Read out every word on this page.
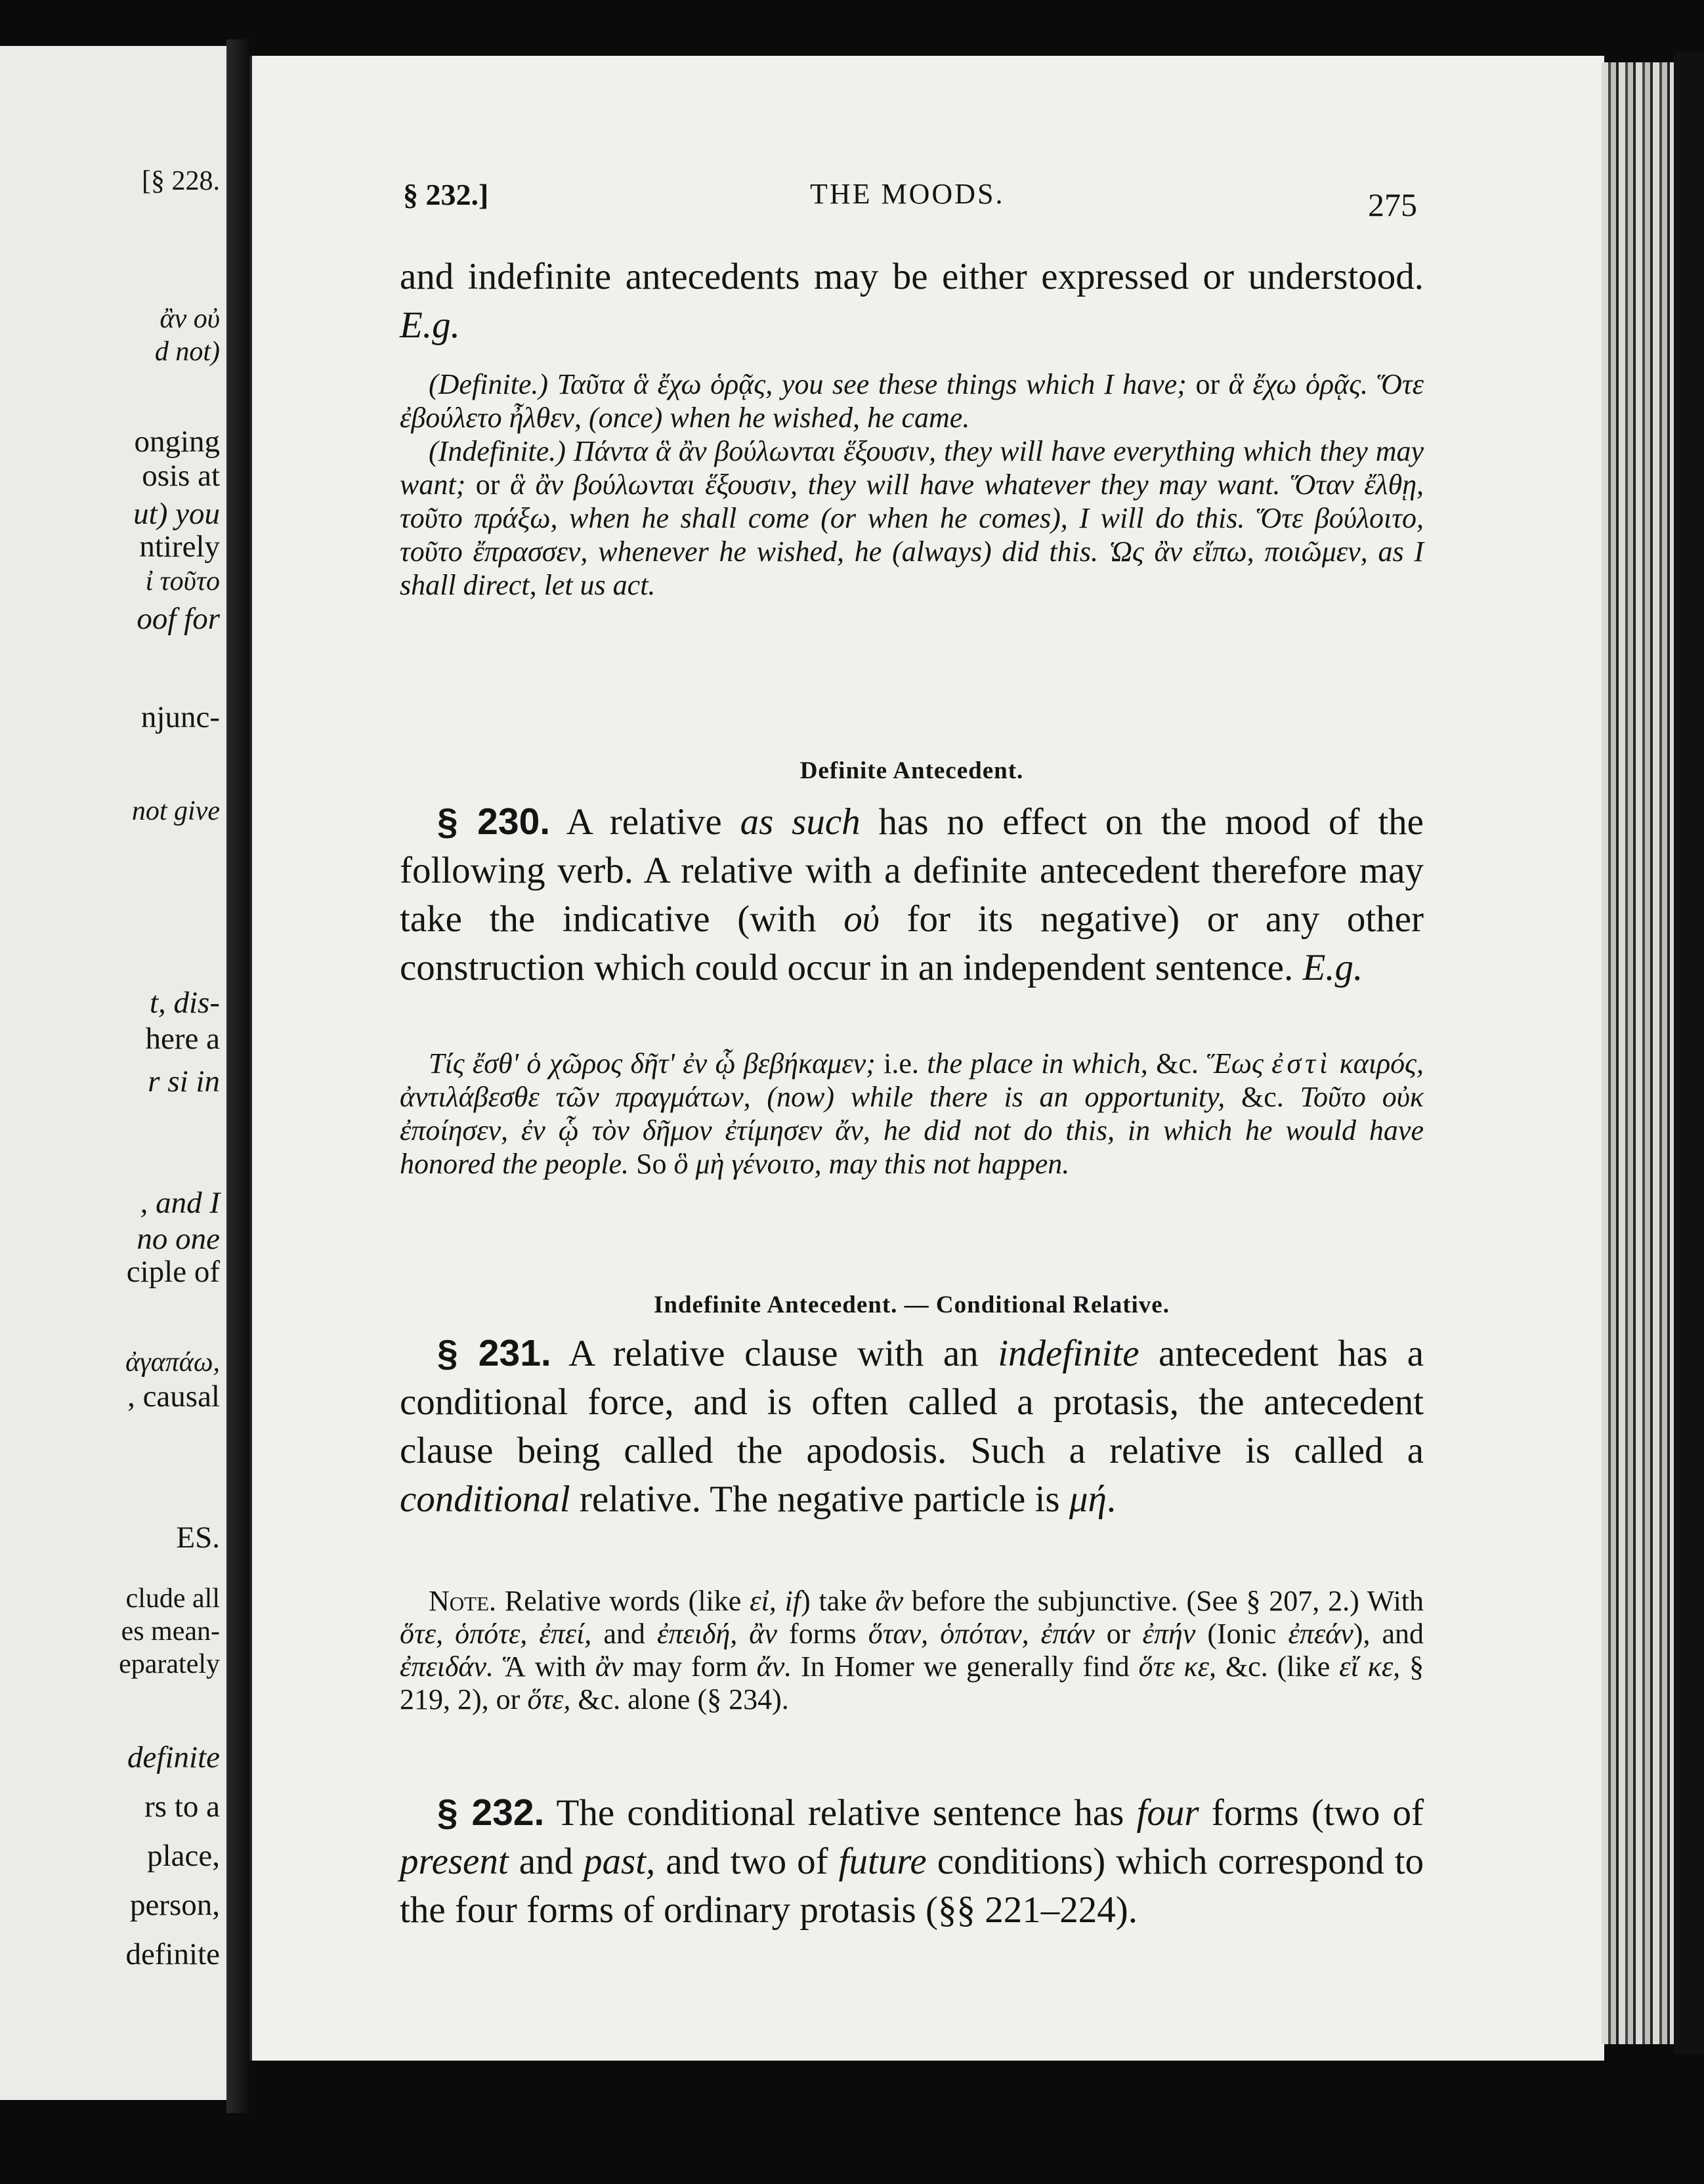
[§ 228.
ἂν οὐ
d not)
onging
osis at
ut) you
ntirely
ἰ τοῦτο
oof for
njunc-
not give
t, dis-
here a
r si in
, and I
no one
ciple of
ἀγαπάω,
, causal
ES.
clude all
es mean-
eparately
definite
rs to a
place,
person,
definite
§ 232.]	THE MOODS.	275
and indefinite antecedents may be either expressed or understood. E.g.
 (Definite.) Ταῦτα ἃ ἔχω ὁρᾷς, you see these things which I have; or ἃ ἔχω ὁρᾷς. Ὅτε ἐβούλετο ἦλθεν, (once) when he wished, he came.
 (Indefinite.) Πάντα ἃ ἂν βούλωνται ἕξουσιν, they will have everything which they may want; or ἃ ἂν βούλωνται ἕξουσιν, they will have whatever they may want. Ὅταν ἔλθῃ, τοῦτο πράξω, when he shall come (or when he comes), I will do this. Ὅτε βούλοιτο, τοῦτο ἔπρασσεν, whenever he wished, he (always) did this. Ὡς ἂν εἴπω, ποιῶμεν, as I shall direct, let us act.
Definite Antecedent.
 § 230. A relative as such has no effect on the mood of the following verb. A relative with a definite antecedent therefore may take the indicative (with οὐ for its negative) or any other construction which could occur in an independent sentence. E.g.
 Τίς ἔσθ' ὁ χῶρος δῆτ' ἐν ᾧ βεβήκαμεν; i.e. the place in which, &c. Ἕως ἐστὶ καιρός, ἀντιλάβεσθε τῶν πραγμάτων, (now) while there is an opportunity, &c. Τοῦτο οὐκ ἐποίησεν, ἐν ᾧ τὸν δῆμον ἐτίμησεν ἄν, he did not do this, in which he would have honored the people. So ὃ μὴ γένοιτο, may this not happen.
Indefinite Antecedent. — Conditional Relative.
 § 231. A relative clause with an indefinite antecedent has a conditional force, and is often called a protasis, the antecedent clause being called the apodosis. Such a relative is called a conditional relative. The negative particle is μή.
 Note. Relative words (like εἰ, if) take ἂν before the subjunctive. (See § 207, 2.) With ὅτε, ὁπότε, ἐπεί, and ἐπειδή, ἂν forms ὅταν, ὁπόταν, ἐπάν or ἐπήν (Ionic ἐπεάν), and ἐπειδάν. Ἅ with ἂν may form ἄν. In Homer we generally find ὅτε κε, &c. (like εἴ κε, § 219, 2), or ὅτε, &c. alone (§ 234).
 § 232. The conditional relative sentence has four forms (two of present and past, and two of future conditions) which correspond to the four forms of ordinary protasis (§§ 221–224).
